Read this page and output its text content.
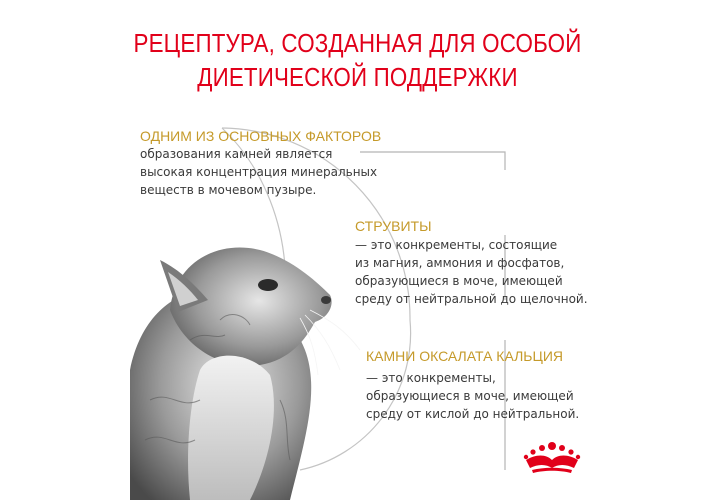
РЕЦЕПТУРА, СОЗДАННАЯ ДЛЯ ОСОБОЙ
ДИЕТИЧЕСКОЙ ПОДДЕРЖКИ
ОДНИМ ИЗ ОСНОВНЫХ ФАКТОРОВ
образования камней является
высокая концентрация минеральных
веществ в мочевом пузыре.
СТРУВИТЫ
— это конкременты, состоящие
из магния, аммония и фосфатов,
образующиеся в моче, имеющей
среду от нейтральной до щелочной.
КАМНИ ОКСАЛАТА КАЛЬЦИЯ
— это конкременты,
образующиеся в моче, имеющей
среду от кислой до нейтральной.
